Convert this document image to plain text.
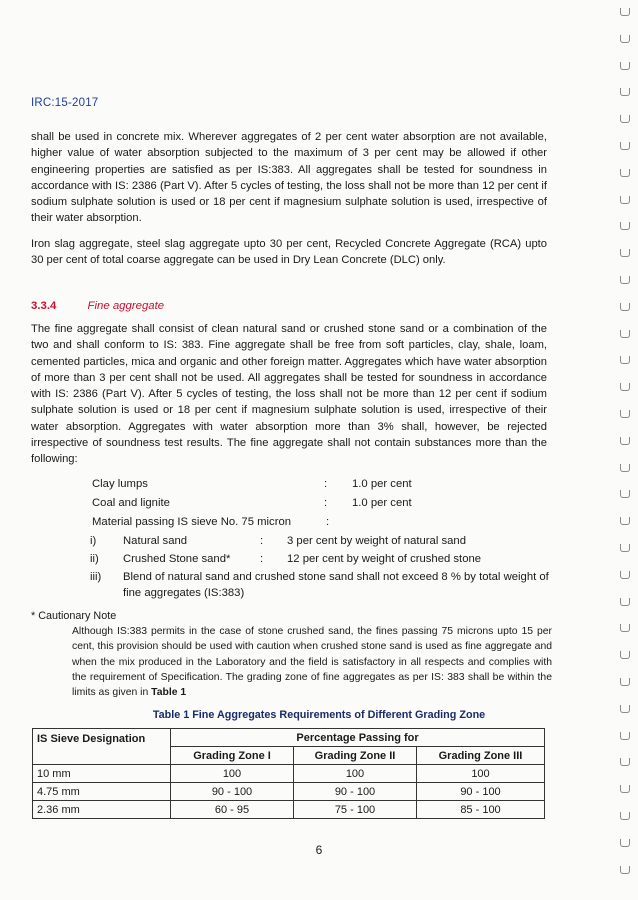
IRC:15-2017

shall be used in concrete mix. Wherever aggregates of 2 per cent water absorption are not available, higher value of water absorption subjected to the maximum of 3 per cent may be allowed if other engineering properties are satisfied as per IS:383. All aggregates shall be tested for soundness in accordance with IS: 2386 (Part V). After 5 cycles of testing, the loss shall not be more than 12 per cent if sodium sulphate solution is used or 18 per cent if magnesium sulphate solution is used, irrespective of their water absorption.

Iron slag aggregate, steel slag aggregate upto 30 per cent, Recycled Concrete Aggregate (RCA) upto 30 per cent of total coarse aggregate can be used in Dry Lean Concrete (DLC) only.

3.3.4	Fine aggregate

The fine aggregate shall consist of clean natural sand or crushed stone sand or a combination of the two and shall conform to IS: 383. Fine aggregate shall be free from soft particles, clay, shale, loam, cemented particles, mica and organic and other foreign matter. Aggregates which have water absorption of more than 3 per cent shall not be used. All aggregates shall be tested for soundness in accordance with IS: 2386 (Part V). After 5 cycles of testing, the loss shall not be more than 12 per cent if sodium sulphate solution is used or 18 per cent if magnesium sulphate solution is used, irrespective of their water absorption. Aggregates with water absorption more than 3% shall, however, be rejected irrespective of soundness test results. The fine aggregate shall not contain substances more than the following:

Clay lumps	: 1.0 per cent
Coal and lignite	: 1.0 per cent
Material passing IS sieve No. 75 micron	:
i) Natural sand	: 3 per cent by weight of natural sand
ii) Crushed Stone sand*	: 12 per cent by weight of crushed stone
iii) Blend of natural sand and crushed stone sand shall not exceed 8 % by total weight of fine aggregates (IS:383)

* Cautionary Note

Although IS:383 permits in the case of stone crushed sand, the fines passing 75 microns upto 15 per cent, this provision should be used with caution when crushed stone sand is used as fine aggregate and when the mix produced in the Laboratory and the field is satisfactory in all respects and complies with the requirement of Specification. The grading zone of fine aggregates as per IS: 383 shall be within the limits as given in Table 1

Table 1 Fine Aggregates Requirements of Different Grading Zone
IS Sieve Designation	Percentage Passing for		
	Grading Zone I	Grading Zone II	Grading Zone III
10 mm	100	100	100
4.75 mm	90 - 100	90 - 100	90 - 100
2.36 mm	60 - 95	75 - 100	85 - 100
6
